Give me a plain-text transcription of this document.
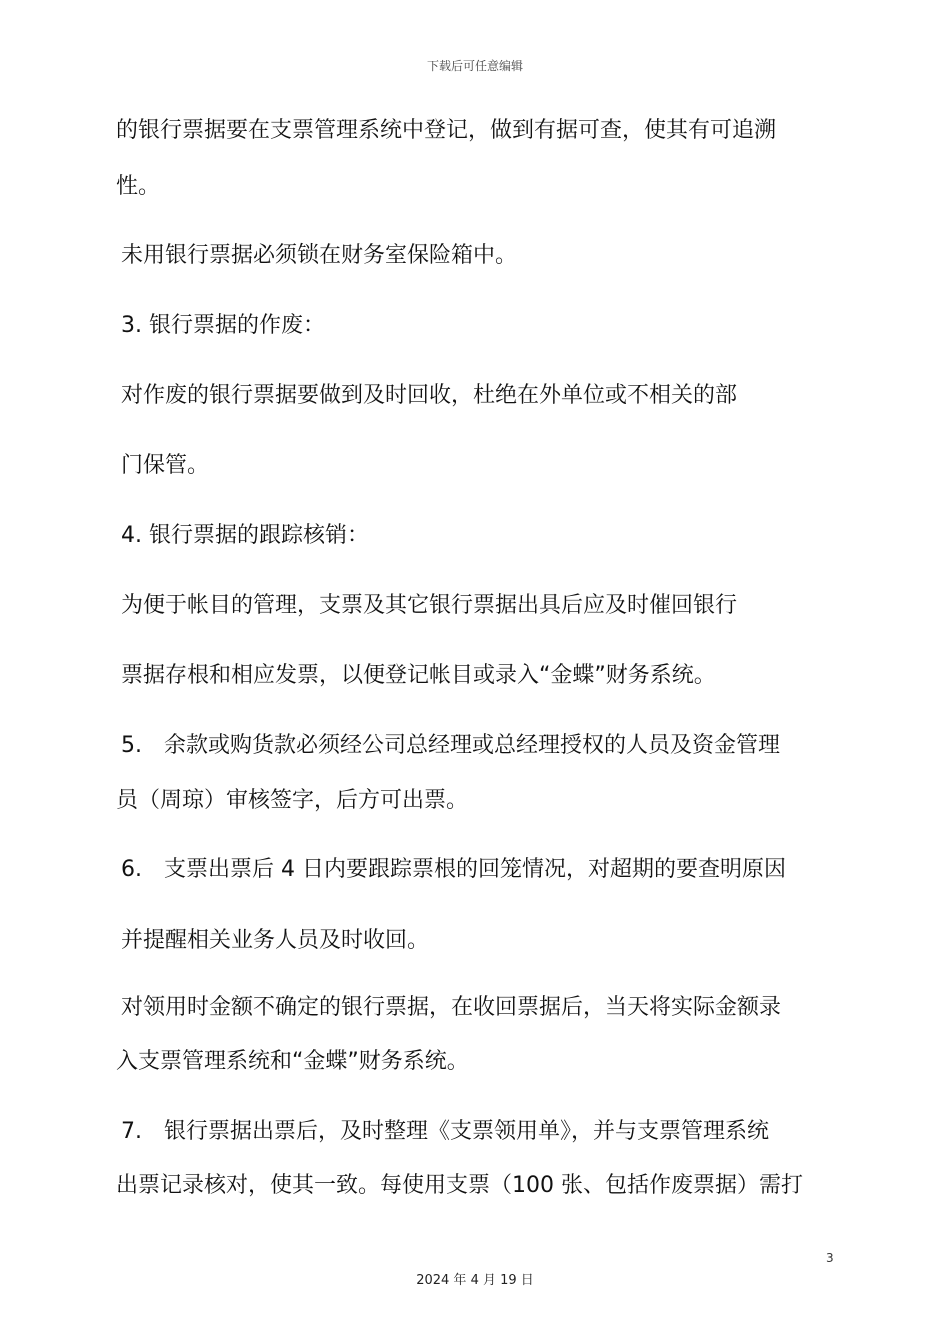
下载后可任意编辑
的银行票据要在支票管理系统中登记，做到有据可查，使其有可追溯
性。
未用银行票据必须锁在财务室保险箱中。
3. 银行票据的作废：
对作废的银行票据要做到及时回收，杜绝在外单位或不相关的部
门保管。
4. 银行票据的跟踪核销：
为便于帐目的管理，支票及其它银行票据出具后应及时催回银行
票据存根和相应发票，以便登记帐目或录入“金蝶”财务系统。
5.　余款或购货款必须经公司总经理或总经理授权的人员及资金管理
员（周琼）审核签字，后方可出票。
6.　支票出票后 4 日内要跟踪票根的回笼情况，对超期的要查明原因
并提醒相关业务人员及时收回。
对领用时金额不确定的银行票据，在收回票据后，当天将实际金额录
入支票管理系统和“金蝶”财务系统。
7.　银行票据出票后，及时整理《支票领用单》，并与支票管理系统
出票记录核对，使其一致。每使用支票（100 张、包括作废票据）需打
3
2024 年 4 月 19 日
